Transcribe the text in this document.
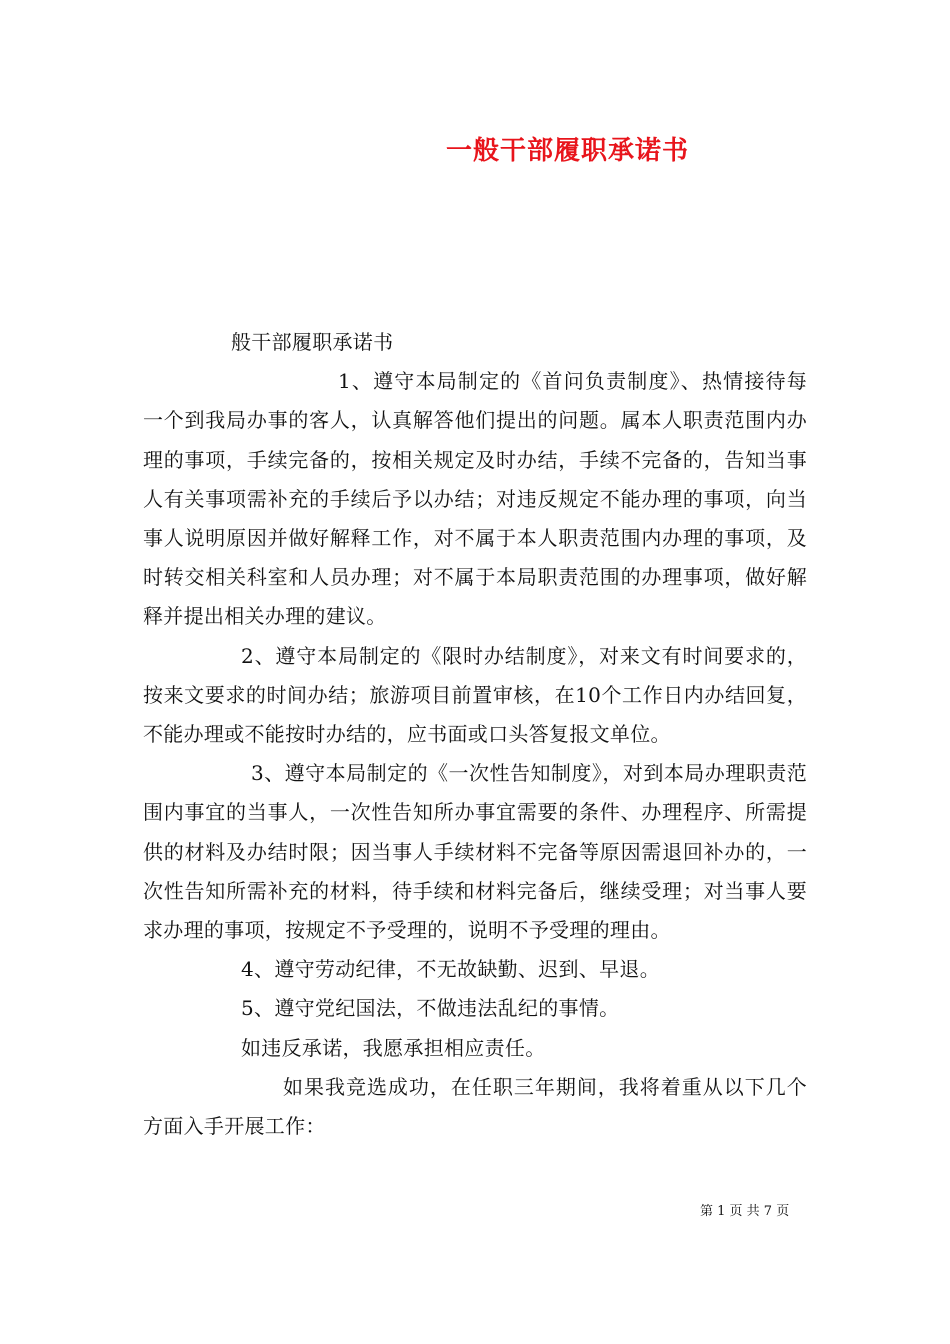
一般干部履职承诺书

般干部履职承诺书

1、遵守本局制定的《首问负责制度》、热情接待每一个到我局办事的客人，认真解答他们提出的问题。属本人职责范围内办理的事项，手续完备的，按相关规定及时办结，手续不完备的，告知当事人有关事项需补充的手续后予以办结；对违反规定不能办理的事项，向当事人说明原因并做好解释工作，对不属于本人职责范围内办理的事项，及时转交相关科室和人员办理；对不属于本局职责范围的办理事项，做好解释并提出相关办理的建议。

2、遵守本局制定的《限时办结制度》，对来文有时间要求的，按来文要求的时间办结；旅游项目前置审核，在10个工作日内办结回复，不能办理或不能按时办结的，应书面或口头答复报文单位。

3、遵守本局制定的《一次性告知制度》，对到本局办理职责范围内事宜的当事人，一次性告知所办事宜需要的条件、办理程序、所需提供的材料及办结时限；因当事人手续材料不完备等原因需退回补办的，一次性告知所需补充的材料，待手续和材料完备后，继续受理；对当事人要求办理的事项，按规定不予受理的，说明不予受理的理由。

4、遵守劳动纪律，不无故缺勤、迟到、早退。

5、遵守党纪国法，不做违法乱纪的事情。

如违反承诺，我愿承担相应责任。

如果我竞选成功，在任职三年期间，我将着重从以下几个方面入手开展工作：

第 1 页 共 7 页
